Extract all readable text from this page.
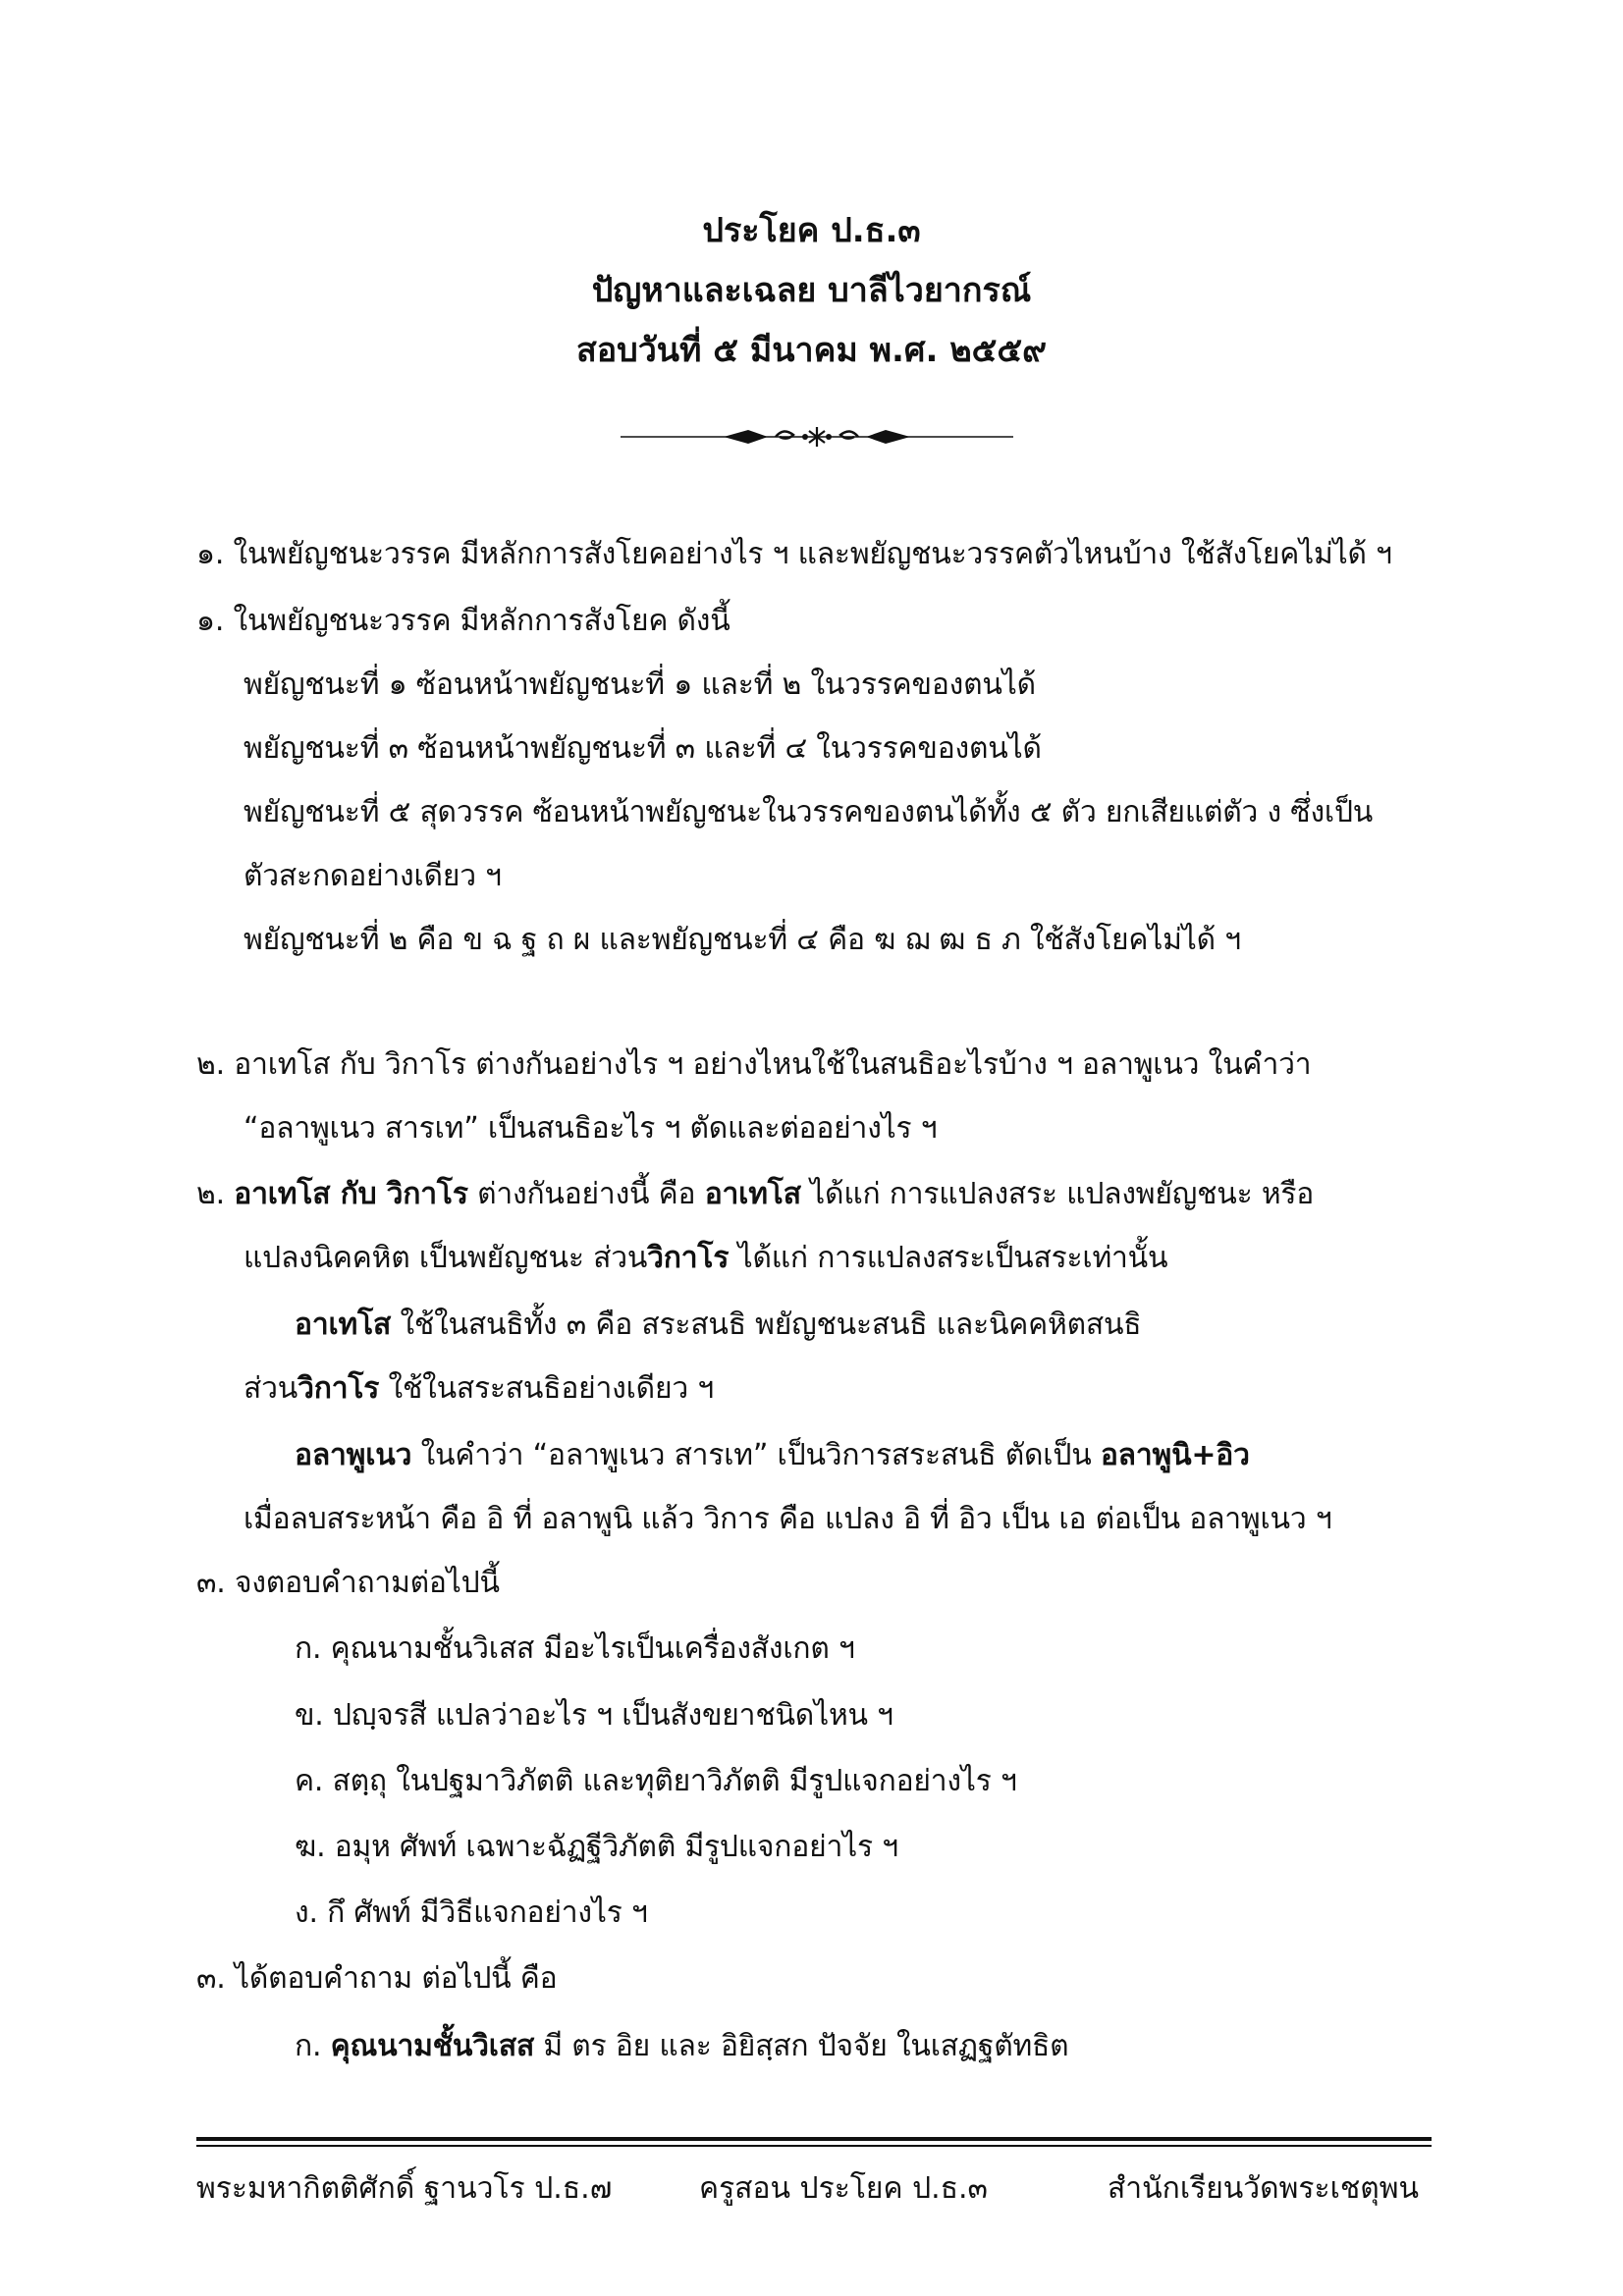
ประโยค ป.ธ.๓
ปัญหาและเฉลย บาลีไวยากรณ์
สอบวันที่ ๕ มีนาคม พ.ศ. ๒๕๕๙
๑. ในพยัญชนะวรรค มีหลักการสังโยคอย่างไร ฯ และพยัญชนะวรรคตัวไหนบ้าง ใช้สังโยคไม่ได้ ฯ
๑. ในพยัญชนะวรรค มีหลักการสังโยค ดังนี้
พยัญชนะที่ ๑ ซ้อนหน้าพยัญชนะที่ ๑ และที่ ๒ ในวรรคของตนได้
พยัญชนะที่ ๓ ซ้อนหน้าพยัญชนะที่ ๓ และที่ ๔ ในวรรคของตนได้
พยัญชนะที่ ๕ สุดวรรค ซ้อนหน้าพยัญชนะในวรรคของตนได้ทั้ง ๕ ตัว ยกเสียแต่ตัว ง ซึ่งเป็น
ตัวสะกดอย่างเดียว ฯ
พยัญชนะที่ ๒ คือ ข ฉ ฐ ถ ผ และพยัญชนะที่ ๔ คือ ฆ ฌ ฒ ธ ภ ใช้สังโยคไม่ได้ ฯ
๒. อาเทโส กับ วิกาโร ต่างกันอย่างไร ฯ อย่างไหนใช้ในสนธิอะไรบ้าง ฯ อลาพูเนว ในคำว่า
“อลาพูเนว สารเท” เป็นสนธิอะไร ฯ ตัดและต่ออย่างไร ฯ
๒. อาเทโส กับ วิกาโร ต่างกันอย่างนี้ คือ อาเทโส ได้แก่ การแปลงสระ แปลงพยัญชนะ หรือ
แปลงนิคคหิต เป็นพยัญชนะ ส่วนวิกาโร ได้แก่ การแปลงสระเป็นสระเท่านั้น
อาเทโส ใช้ในสนธิทั้ง ๓ คือ สระสนธิ พยัญชนะสนธิ และนิคคหิตสนธิ
ส่วนวิกาโร ใช้ในสระสนธิอย่างเดียว ฯ
อลาพูเนว ในคำว่า “อลาพูเนว สารเท” เป็นวิการสระสนธิ ตัดเป็น อลาพูนิ+อิว
เมื่อลบสระหน้า คือ อิ ที่ อลาพูนิ แล้ว วิการ คือ แปลง อิ ที่ อิว เป็น เอ ต่อเป็น อลาพูเนว ฯ
๓. จงตอบคำถามต่อไปนี้
ก. คุณนามชั้นวิเสส มีอะไรเป็นเครื่องสังเกต ฯ
ข. ปญฺจรสี แปลว่าอะไร ฯ เป็นสังขยาชนิดไหน ฯ
ค. สตฺถุ ในปฐมาวิภัตติ และทุติยาวิภัตติ มีรูปแจกอย่างไร ฯ
ฆ. อมุห ศัพท์ เฉพาะฉัฏฐีวิภัตติ มีรูปแจกอย่าไร ฯ
ง. กึ ศัพท์ มีวิธีแจกอย่างไร ฯ
๓. ได้ตอบคำถาม ต่อไปนี้ คือ
ก. คุณนามชั้นวิเสส มี ตร อิย และ อิยิสฺสก ปัจจัย ในเสฏฐตัทธิต
พระมหากิตติศักดิ์ ฐานวโร ป.ธ.๗	ครูสอน ประโยค ป.ธ.๓	สำนักเรียนวัดพระเชตุพน
